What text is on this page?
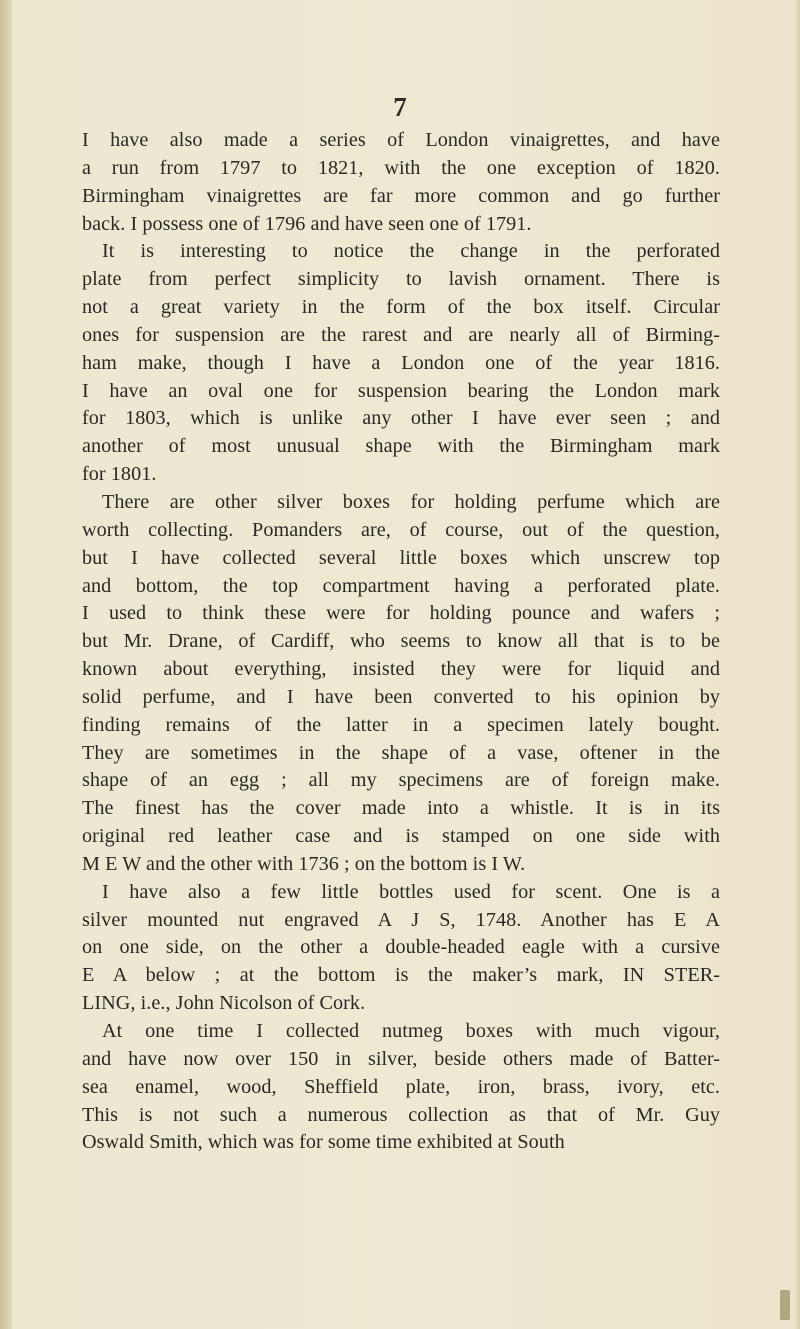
7

I have also made a series of London vinaigrettes, and have
a run from 1797 to 1821, with the one exception of 1820.
Birmingham vinaigrettes are far more common and go further
back. I possess one of 1796 and have seen one of 1791.

It is interesting to notice the change in the perforated
plate from perfect simplicity to lavish ornament. There is
not a great variety in the form of the box itself. Circular
ones for suspension are the rarest and are nearly all of Birming-
ham make, though I have a London one of the year 1816.
I have an oval one for suspension bearing the London mark
for 1803, which is unlike any other I have ever seen ; and
another of most unusual shape with the Birmingham mark
for 1801.

There are other silver boxes for holding perfume which are
worth collecting. Pomanders are, of course, out of the question,
but I have collected several little boxes which unscrew top
and bottom, the top compartment having a perforated plate.
I used to think these were for holding pounce and wafers ;
but Mr. Drane, of Cardiff, who seems to know all that is to be
known about everything, insisted they were for liquid and
solid perfume, and I have been converted to his opinion by
finding remains of the latter in a specimen lately bought.
They are sometimes in the shape of a vase, oftener in the
shape of an egg ; all my specimens are of foreign make.
The finest has the cover made into a whistle. It is in its
original red leather case and is stamped on one side with
M E W and the other with 1736 ; on the bottom is I W.

I have also a few little bottles used for scent. One is a
silver mounted nut engraved A J S, 1748. Another has E A
on one side, on the other a double-headed eagle with a cursive
E A below ; at the bottom is the maker’s mark, IN STER-
LING, i.e., John Nicolson of Cork.

At one time I collected nutmeg boxes with much vigour,
and have now over 150 in silver, beside others made of Batter-
sea enamel, wood, Sheffield plate, iron, brass, ivory, etc.
This is not such a numerous collection as that of Mr. Guy
Oswald Smith, which was for some time exhibited at South
